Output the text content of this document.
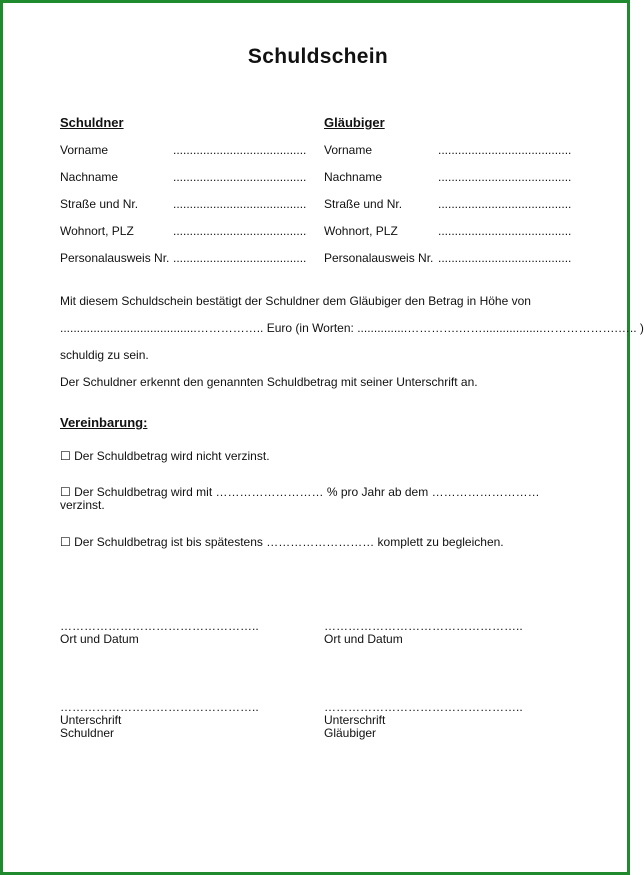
Schuldschein
Schuldner
Vorname	........................................
Nachname	........................................
Straße und Nr.	........................................
Wohnort, PLZ	........................................
Personalausweis Nr. ........................................
Gläubiger
Vorname	........................................
Nachname	........................................
Straße und Nr.	........................................
Wohnort, PLZ	........................................
Personalausweis Nr. ........................................
Mit diesem Schuldschein bestätigt der Schuldner dem Gläubiger den Betrag in Höhe von
.........................................…………….. Euro (in Worten: ...............………….……..................……………….….. )
schuldig zu sein.
Der Schuldner erkennt den genannten Schuldbetrag mit seiner Unterschrift an.
Vereinbarung:
☐ Der Schuldbetrag wird nicht verzinst.
☐ Der Schuldbetrag wird mit ……………………… % pro Jahr ab dem ………………………
verzinst.
☐ Der Schuldbetrag ist bis spätestens ……………………… komplett zu begleichen.
…………………………………………..
Ort und Datum
…………………………………………..
Ort und Datum
…………………………………………..
Unterschrift
Schuldner
…………………………………………..
Unterschrift
Gläubiger
